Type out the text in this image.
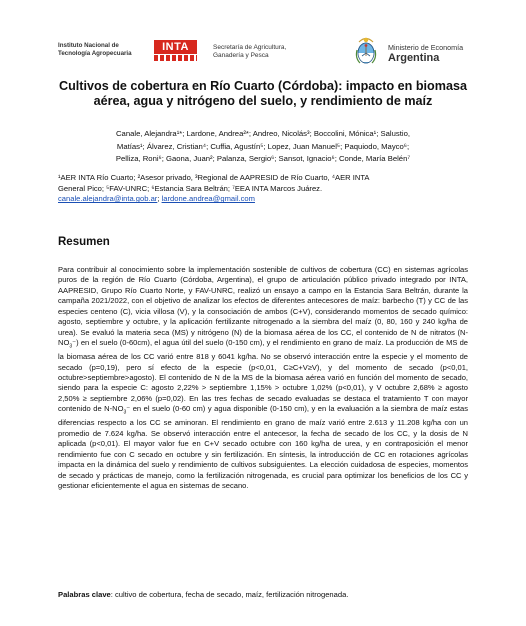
Instituto Nacional de
Tecnología Agropecuaria	INTA	Secretaría de Agricultura,
Ganadería y Pesca
Ministerio de Economía
Argentina
Cultivos de cobertura en Río Cuarto (Córdoba): impacto en biomasa
aérea, agua y nitrógeno del suelo, y rendimiento de maíz
Canale, Alejandra¹*; Lardone, Andrea²*; Andreo, Nicolás³; Boccolini, Mónica¹; Salustio,
Matías¹; Álvarez, Cristian⁴; Cuffia, Agustín⁵; Lopez, Juan Manuel⁵; Paquiodo, Mayco⁶;
Pelliza, Roni⁶; Gaona, Juan²; Palanza, Sergio⁶; Sansot, Ignacio⁶; Conde, María Belén⁷
¹AER INTA Río Cuarto; ²Asesor privado, ³Regional de AAPRESID de Río Cuarto, ⁴AER INTA
General Pico; ⁵FAV-UNRC; ⁶Estancia Sara Beltrán; ⁷EEA INTA Marcos Juárez.
canale.alejandra@inta.gob.ar; lardone.andrea@gmail.com
Resumen
Para contribuir al conocimiento sobre la implementación sostenible de cultivos de cobertura (CC) en sistemas agrícolas puros de la región de Río Cuarto (Córdoba, Argentina), el grupo de articulación público privado integrado por INTA, AAPRESID, Grupo Río Cuarto Norte, y FAV-UNRC, realizó un ensayo a campo en la Estancia Sara Beltrán, durante la campaña 2021/2022, con el objetivo de analizar los efectos de diferentes antecesores de maíz: barbecho (T) y CC de las especies centeno (C), vicia villosa (V), y la consociación de ambos (C+V), considerando momentos de secado químico: agosto, septiembre y octubre, y la aplicación fertilizante nitrogenado a la siembra del maíz (0, 80, 160 y 240 kg/ha de urea). Se evaluó la materia seca (MS) y nitrógeno (N) de la biomasa aérea de los CC, el contenido de N de nitratos $(N-NO_3^-)$ en el suelo (0-60cm), el agua útil del suelo (0-150 cm), y el rendimiento en grano de maíz. La producción de MS de la biomasa aérea de los CC varió entre 818 y 6041 kg/ha. No se observó interacción entre la especie y el momento de secado (p=0,19), pero sí efecto de la especie (p<0,01, C≥C+V≥V), y del momento de secado (p<0,01, octubre>septiembre>agosto). El contenido de N de la MS de la biomasa aérea varió en función del momento de secado, siendo para la especie C: agosto 2,22% > septiembre 1,15% > octubre 1,02% (p<0,01), y V octubre 2,68% ≥ agosto 2,50% ≥ septiembre 2,06% (p=0,02). En las tres fechas de secado evaluadas se destaca el tratamiento T con mayor contenido de $N-NO_3^-$ en el suelo (0-60 cm) y agua disponible (0-150 cm), y en la evaluación a la siembra de maíz estas diferencias respecto a los CC se aminoran. El rendimiento en grano de maíz varió entre 2.613 y 11.208 kg/ha con un promedio de 7.624 kg/ha. Se observó interacción entre el antecesor, la fecha de secado de los CC, y la dosis de N aplicada (p<0,01). El mayor valor fue en C+V secado octubre con 160 kg/ha de urea, y en contraposición el menor rendimiento fue con C secado en octubre y sin fertilización. En síntesis, la introducción de CC en rotaciones agrícolas impacta en la dinámica del suelo y rendimiento de cultivos subsiguientes. La elección cuidadosa de especies, momentos de secado y prácticas de manejo, como la fertilización nitrogenada, es crucial para optimizar los beneficios de los CC y gestionar eficientemente el agua en sistemas de secano.
Palabras clave: cultivo de cobertura, fecha de secado, maíz, fertilización nitrogenada.
